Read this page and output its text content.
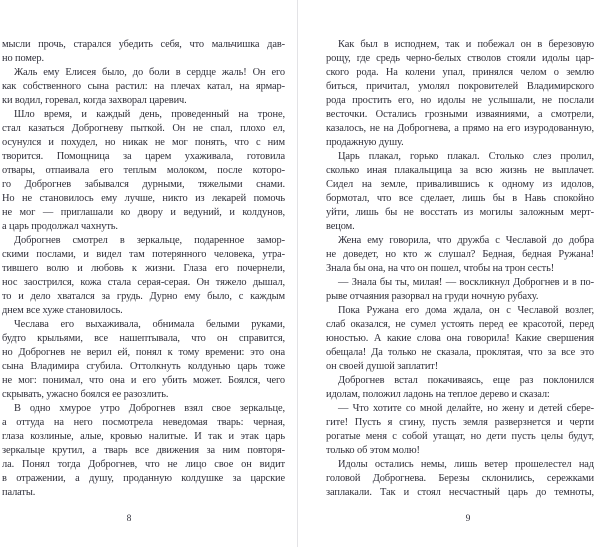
мысли прочь, старался убедить себя, что мальчишка дав-
но помер.
Жаль ему Елисея было, до боли в сердце жаль! Он его
как собственного сына растил: на плечах катал, на ярмар-
ки водил, горевал, когда захворал царевич.
Шло время, и каждый день, проведенный на троне,
стал казаться Доброгневу пыткой. Он не спал, плохо ел,
осунулся и похудел, но никак не мог понять, что с ним
творится. Помощница за царем ухаживала, готовила
отвары, отпаивала его теплым молоком, после которо-
го Доброгнев забывался дурными, тяжелыми снами.
Но не становилось ему лучше, никто из лекарей помочь
не мог — приглашали ко двору и ведуний, и колдунов,
а царь продолжал чахнуть.
Доброгнев смотрел в зеркальце, подаренное замор-
скими послами, и видел там потерянного человека, утра-
тившего волю и любовь к жизни. Глаза его почернели,
нос заострился, кожа стала серая-серая. Он тяжело дышал,
то и дело хватался за грудь. Дурно ему было, с каждым
днем все хуже становилось.
Чеслава его выхаживала, обнимала белыми руками,
будто крыльями, все нашептывала, что он справится,
но Доброгнев не верил ей, понял к тому времени: это она
сына Владимира сгубила. Оттолкнуть колдунью царь тоже
не мог: понимал, что она и его убить может. Боялся, чего
скрывать, ужасно боялся ее разозлить.
В одно хмурое утро Доброгнев взял свое зеркальце,
а оттуда на него посмотрела неведомая тварь: черная,
глаза козлиные, алые, кровью налитые. И так и этак царь
зеркальце крутил, а тварь все движения за ним повторя-
ла. Понял тогда Доброгнев, что не лицо свое он видит
в отражении, а душу, проданную колдушке за царские
палаты.
Как был в исподнем, так и побежал он в березовую
рощу, где средь черно-белых стволов стояли идолы цар-
ского рода. На колени упал, принялся челом о землю
биться, причитал, умолял покровителей Владимирского
рода простить его, но идолы не услышали, не послали
весточки. Остались грозными изваяниями, а смотрели,
казалось, не на Доброгнева, а прямо на его изуродованную,
продажную душу.
Царь плакал, горько плакал. Столько слез пролил,
сколько иная плакальщица за всю жизнь не выплачет.
Сидел на земле, привалившись к одному из идолов,
бормотал, что все сделает, лишь бы в Навь спокойно
уйти, лишь бы не восстать из могилы заложным мерт-
вецом.
Жена ему говорила, что дружба с Чеславой до добра
не доведет, но кто ж слушал? Бедная, бедная Ружана!
Знала бы она, на что он пошел, чтобы на трон сесть!
— Знала бы ты, милая! — воскликнул Доброгнев и в по-
рыве отчаяния разорвал на груди ночную рубаху.
Пока Ружана его дома ждала, он с Чеславой возлег,
слаб оказался, не сумел устоять перед ее красотой, перед
юностью. А какие слова она говорила! Какие свершения
обещала! Да только не сказала, проклятая, что за все это
он своей душой заплатит!
Доброгнев встал покачиваясь, еще раз поклонился
идолам, положил ладонь на теплое дерево и сказал:
— Что хотите со мной делайте, но жену и детей сбере-
гите! Пусть я сгину, пусть земля разверзнется и черти
рогатые меня с собой утащат, но дети пусть целы будут,
только об этом молю!
Идолы остались немы, лишь ветер прошелестел над
головой Доброгнева. Березы склонились, сережками
заплакали. Так и стоял несчастный царь до темноты,
8	9
